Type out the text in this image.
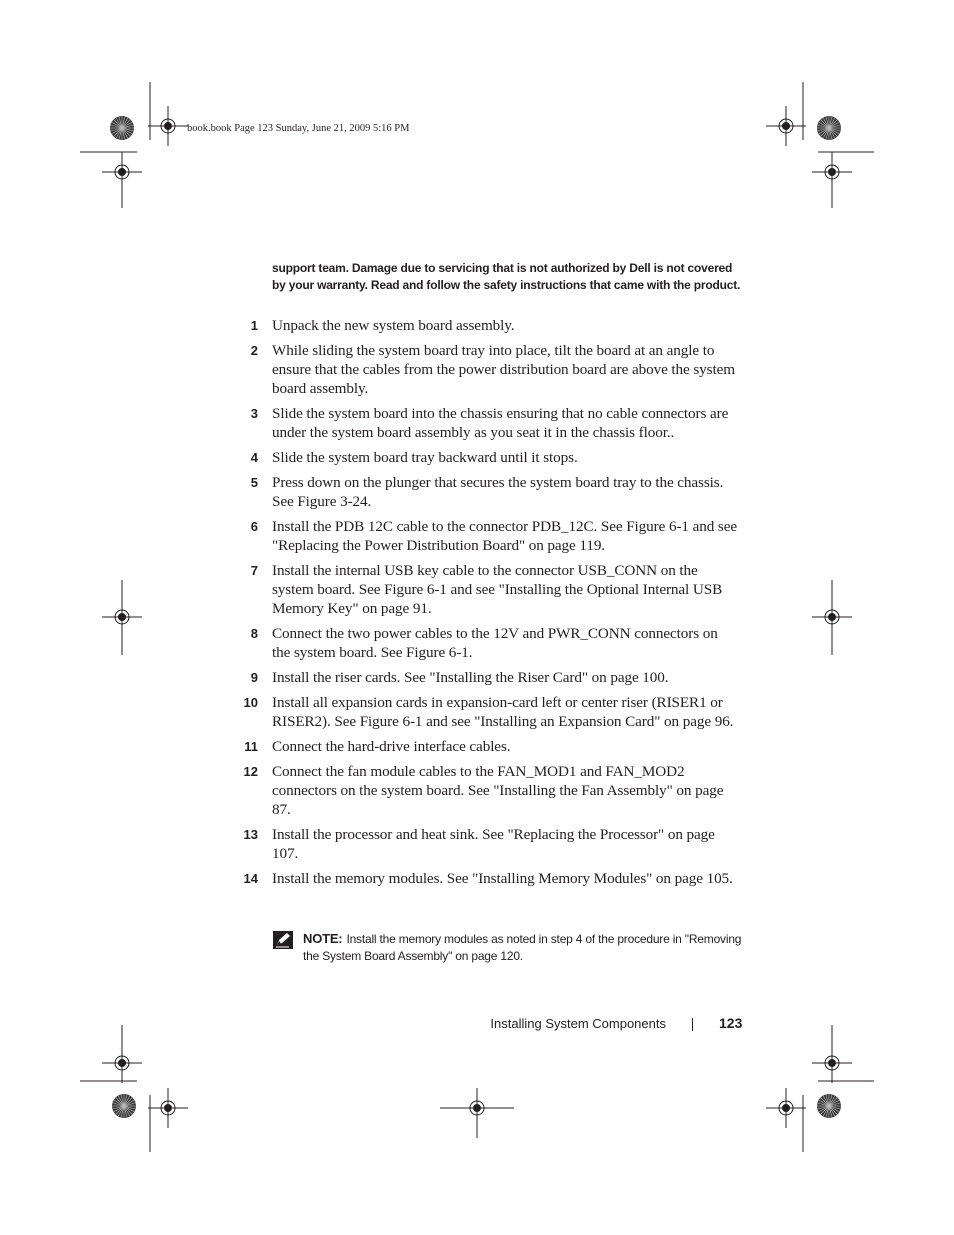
book.book Page 123 Sunday, June 21, 2009 5:16 PM
support team. Damage due to servicing that is not authorized by Dell is not covered by your warranty. Read and follow the safety instructions that came with the product.
1 Unpack the new system board assembly.
2 While sliding the system board tray into place, tilt the board at an angle to ensure that the cables from the power distribution board are above the system board assembly.
3 Slide the system board into the chassis ensuring that no cable connectors are under the system board assembly as you seat it in the chassis floor..
4 Slide the system board tray backward until it stops.
5 Press down on the plunger that secures the system board tray to the chassis. See Figure 3-24.
6 Install the PDB 12C cable to the connector PDB_12C. See Figure 6-1 and see "Replacing the Power Distribution Board" on page 119.
7 Install the internal USB key cable to the connector USB_CONN on the system board. See Figure 6-1 and see "Installing the Optional Internal USB Memory Key" on page 91.
8 Connect the two power cables to the 12V and PWR_CONN connectors on the system board. See Figure 6-1.
9 Install the riser cards. See "Installing the Riser Card" on page 100.
10 Install all expansion cards in expansion-card left or center riser (RISER1 or RISER2). See Figure 6-1 and see "Installing an Expansion Card" on page 96.
11 Connect the hard-drive interface cables.
12 Connect the fan module cables to the FAN_MOD1 and FAN_MOD2 connectors on the system board. See "Installing the Fan Assembly" on page 87.
13 Install the processor and heat sink. See "Replacing the Processor" on page 107.
14 Install the memory modules. See "Installing Memory Modules" on page 105.
NOTE: Install the memory modules as noted in step 4 of the procedure in "Removing the System Board Assembly" on page 120.
Installing System Components	123
